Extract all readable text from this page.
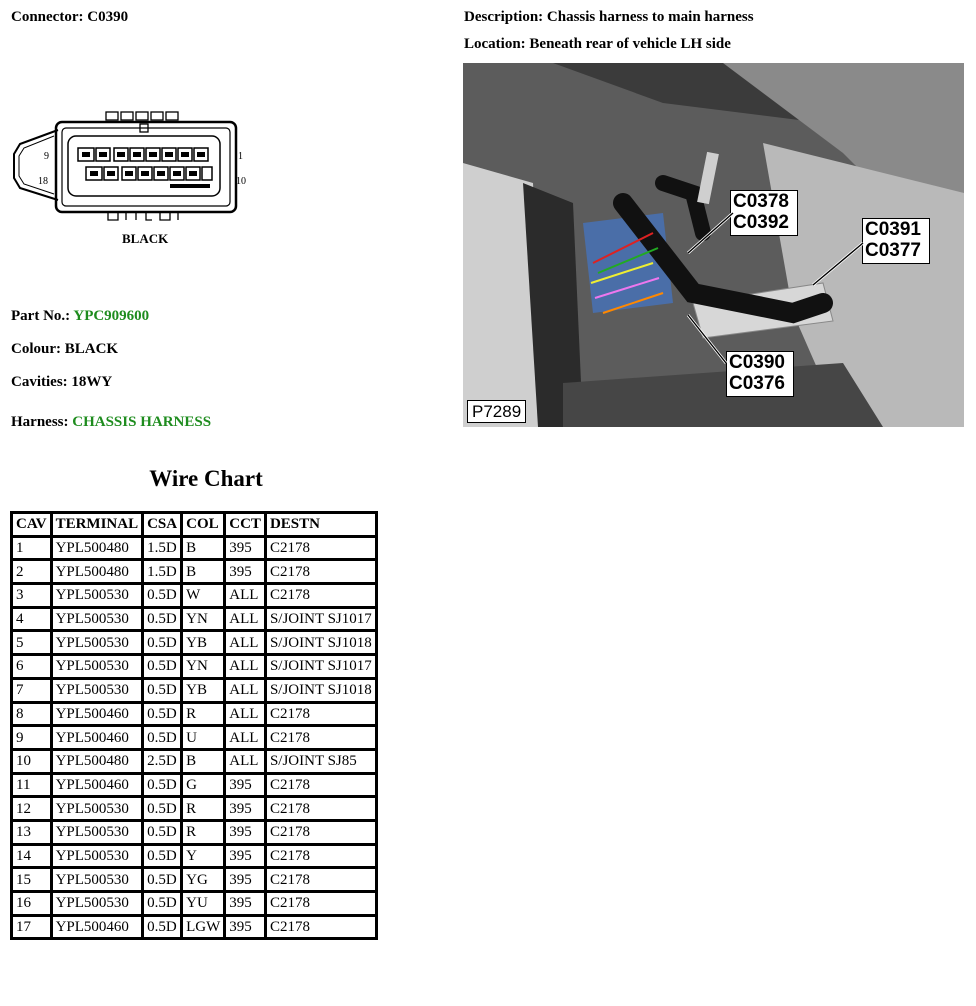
Connector: C0390	Description: Chassis harness to main harness
Location: Beneath rear of vehicle LH side
9
18
1
10
BLACK
Part No.: YPC909600
Colour: BLACK
Cavities: 18WY
Harness: CHASSIS HARNESS
C0378
C0392	C0391
C0377
C0390
C0376
P7289
Wire Chart
CAV	TERMINAL	CSA	COL	CCT	DESTN
1	YPL500480	1.5D	B	395	C2178
2	YPL500480	1.5D	B	395	C2178
3	YPL500530	0.5D	W	ALL	C2178
4	YPL500530	0.5D	YN	ALL	S/JOINT SJ1017
5	YPL500530	0.5D	YB	ALL	S/JOINT SJ1018
6	YPL500530	0.5D	YN	ALL	S/JOINT SJ1017
7	YPL500530	0.5D	YB	ALL	S/JOINT SJ1018
8	YPL500460	0.5D	R	ALL	C2178
9	YPL500460	0.5D	U	ALL	C2178
10	YPL500480	2.5D	B	ALL	S/JOINT SJ85
11	YPL500460	0.5D	G	395	C2178
12	YPL500530	0.5D	R	395	C2178
13	YPL500530	0.5D	R	395	C2178
14	YPL500530	0.5D	Y	395	C2178
15	YPL500530	0.5D	YG	395	C2178
16	YPL500530	0.5D	YU	395	C2178
17	YPL500460	0.5D	LGW	395	C2178
